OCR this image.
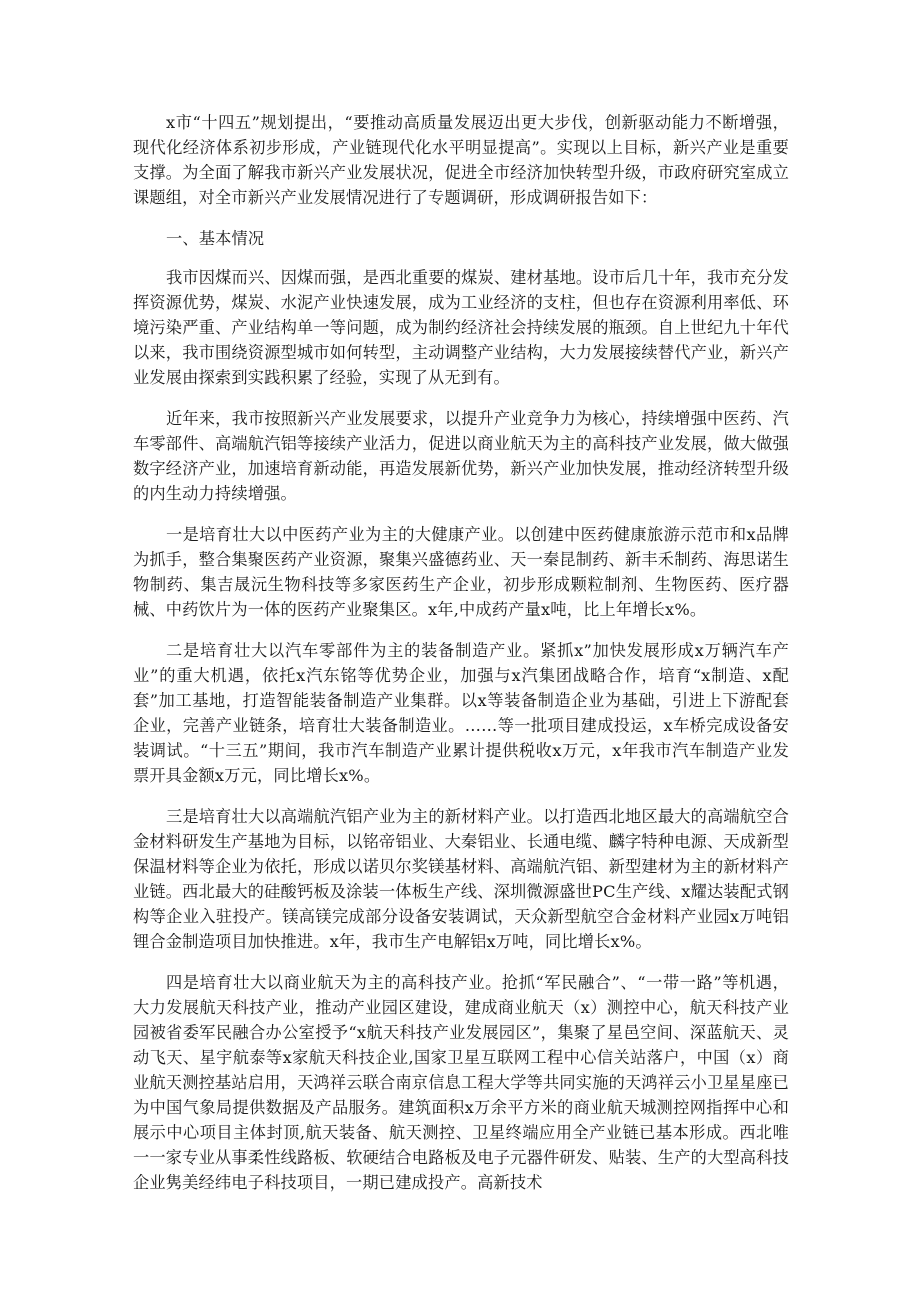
x市“十四五”规划提出，“要推动高质量发展迈出更大步伐，创新驱动能力不断增强，现代化经济体系初步形成，产业链现代化水平明显提高”。实现以上目标，新兴产业是重要支撑。为全面了解我市新兴产业发展状况，促进全市经济加快转型升级，市政府研究室成立课题组，对全市新兴产业发展情况进行了专题调研，形成调研报告如下：

一、基本情况

我市因煤而兴、因煤而强，是西北重要的煤炭、建材基地。设市后几十年，我市充分发挥资源优势，煤炭、水泥产业快速发展，成为工业经济的支柱，但也存在资源利用率低、环境污染严重、产业结构单一等问题，成为制约经济社会持续发展的瓶颈。自上世纪九十年代以来，我市围绕资源型城市如何转型，主动调整产业结构，大力发展接续替代产业，新兴产业发展由探索到实践积累了经验，实现了从无到有。

近年来，我市按照新兴产业发展要求，以提升产业竞争力为核心，持续增强中医药、汽车零部件、高端航汽铝等接续产业活力，促进以商业航天为主的高科技产业发展，做大做强数字经济产业，加速培育新动能，再造发展新优势，新兴产业加快发展，推动经济转型升级的内生动力持续增强。

一是培育壮大以中医药产业为主的大健康产业。以创建中医药健康旅游示范市和x品牌为抓手，整合集聚医药产业资源，聚集兴盛德药业、天一秦昆制药、新丰禾制药、海思诺生物制药、集吉晟沅生物科技等多家医药生产企业，初步形成颗粒制剂、生物医药、医疗器械、中药饮片为一体的医药产业聚集区。x年,中成药产量x吨，比上年增长x%。

二是培育壮大以汽车零部件为主的装备制造产业。紧抓x”加快发展形成x万辆汽车产业”的重大机遇，依托x汽东铭等优势企业，加强与x汽集团战略合作，培育“x制造、x配套”加工基地，打造智能装备制造产业集群。以x等装备制造企业为基础，引进上下游配套企业，完善产业链条，培育壮大装备制造业。……等一批项目建成投运，x车桥完成设备安装调试。“十三五”期间，我市汽车制造产业累计提供税收x万元，x年我市汽车制造产业发票开具金额x万元，同比增长x%。

三是培育壮大以高端航汽铝产业为主的新材料产业。以打造西北地区最大的高端航空合金材料研发生产基地为目标，以铭帝铝业、大秦铝业、长通电缆、麟字特种电源、天成新型保温材料等企业为依托，形成以诺贝尔奖镁基材料、高端航汽铝、新型建材为主的新材料产业链。西北最大的硅酸钙板及涂装一体板生产线、深圳微源盛世PC生产线、x耀达装配式钢构等企业入驻投产。镁高镁完成部分设备安装调试，天众新型航空合金材料产业园x万吨铝锂合金制造项目加快推进。x年，我市生产电解铝x万吨，同比增长x%。

四是培育壮大以商业航天为主的高科技产业。抢抓“军民融合”、“一带一路”等机遇，大力发展航天科技产业，推动产业园区建设，建成商业航天（x）测控中心，航天科技产业园被省委军民融合办公室授予“x航天科技产业发展园区”，集聚了星邑空间、深蓝航天、灵动飞天、星宇航泰等x家航天科技企业,国家卫星互联网工程中心信关站落户，中国（x）商业航天测控基站启用，天鸿祥云联合南京信息工程大学等共同实施的天鸿祥云小卫星星座已为中国气象局提供数据及产品服务。建筑面积x万余平方米的商业航天城测控网指挥中心和展示中心项目主体封顶,航天装备、航天测控、卫星终端应用全产业链已基本形成。西北唯一一家专业从事柔性线路板、软硬结合电路板及电子元器件研发、贴装、生产的大型高科技企业隽美经纬电子科技项目，一期已建成投产。高新技术
